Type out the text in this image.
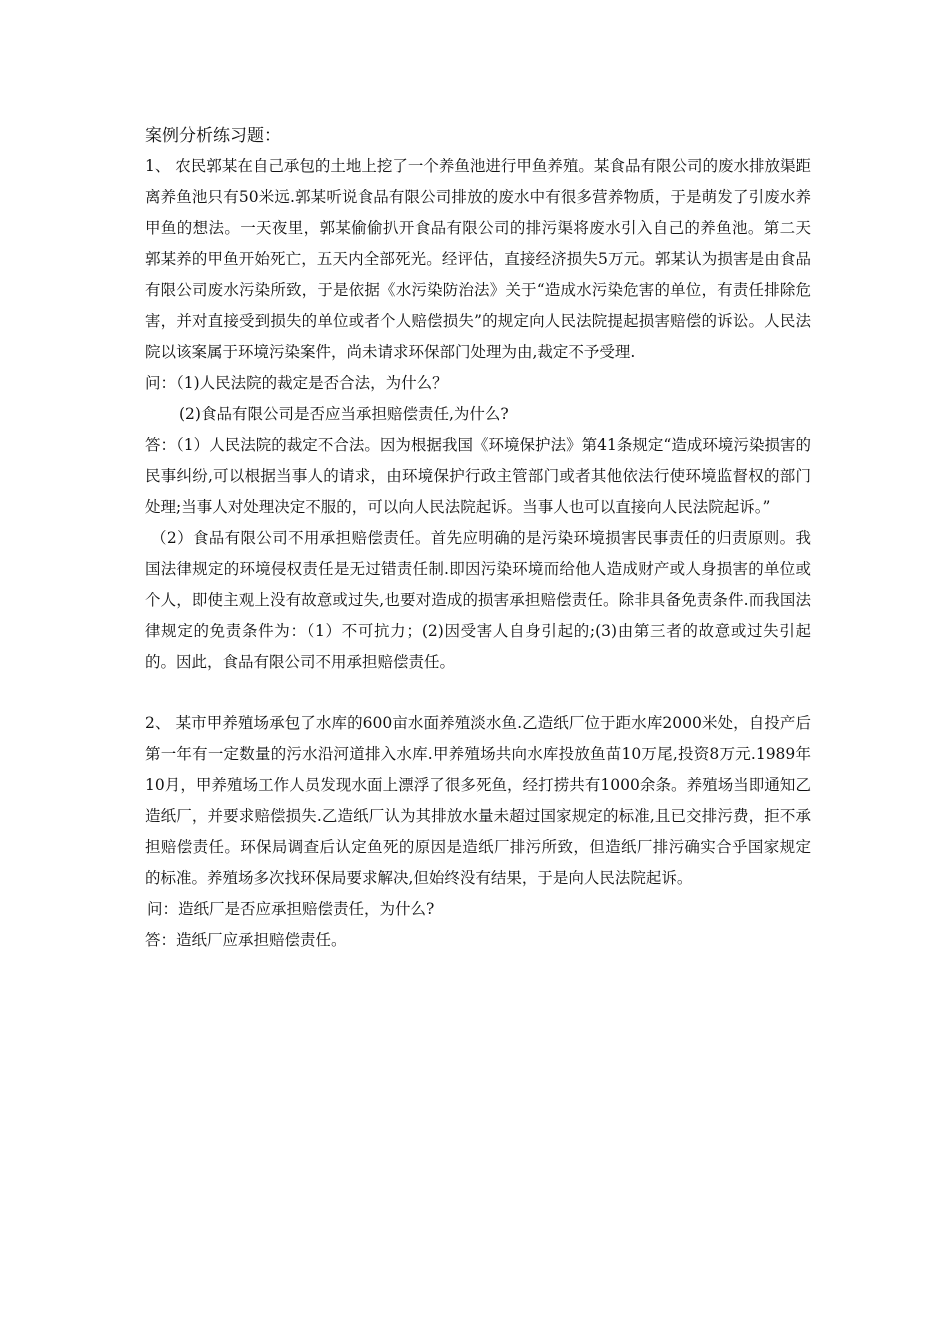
案例分析练习题：

1、 农民郭某在自己承包的土地上挖了一个养鱼池进行甲鱼养殖。某食品有限公司的废水排放渠距离养鱼池只有50米远.郭某听说食品有限公司排放的废水中有很多营养物质，于是萌发了引废水养甲鱼的想法。一天夜里，郭某偷偷扒开食品有限公司的排污渠将废水引入自己的养鱼池。第二天郭某养的甲鱼开始死亡，五天内全部死光。经评估，直接经济损失5万元。郭某认为损害是由食品有限公司废水污染所致，于是依据《水污染防治法》关于“造成水污染危害的单位，有责任排除危害，并对直接受到损失的单位或者个人赔偿损失”的规定向人民法院提起损害赔偿的诉讼。人民法院以该案属于环境污染案件，尚未请求环保部门处理为由,裁定不予受理.

问：（1)人民法院的裁定是否合法，为什么？

(2)食品有限公司是否应当承担赔偿责任,为什么?

答：（1）人民法院的裁定不合法。因为根据我国《环境保护法》第41条规定“造成环境污染损害的民事纠纷,可以根据当事人的请求，由环境保护行政主管部门或者其他依法行使环境监督权的部门处理;当事人对处理决定不服的，可以向人民法院起诉。当事人也可以直接向人民法院起诉。”

（2）食品有限公司不用承担赔偿责任。首先应明确的是污染环境损害民事责任的归责原则。我国法律规定的环境侵权责任是无过错责任制.即因污染环境而给他人造成财产或人身损害的单位或个人，即使主观上没有故意或过失,也要对造成的损害承担赔偿责任。除非具备免责条件.而我国法律规定的免责条件为：（1）不可抗力；(2)因受害人自身引起的;(3)由第三者的故意或过失引起的。因此，食品有限公司不用承担赔偿责任。

2、 某市甲养殖场承包了水库的600亩水面养殖淡水鱼.乙造纸厂位于距水库2000米处，自投产后第一年有一定数量的污水沿河道排入水库.甲养殖场共向水库投放鱼苗10万尾,投资8万元.1989年10月，甲养殖场工作人员发现水面上漂浮了很多死鱼，经打捞共有1000余条。养殖场当即通知乙造纸厂，并要求赔偿损失.乙造纸厂认为其排放水量未超过国家规定的标准,且已交排污费，拒不承担赔偿责任。环保局调查后认定鱼死的原因是造纸厂排污所致，但造纸厂排污确实合乎国家规定的标准。养殖场多次找环保局要求解决,但始终没有结果，于是向人民法院起诉。

问：造纸厂是否应承担赔偿责任，为什么?

答：造纸厂应承担赔偿责任。
